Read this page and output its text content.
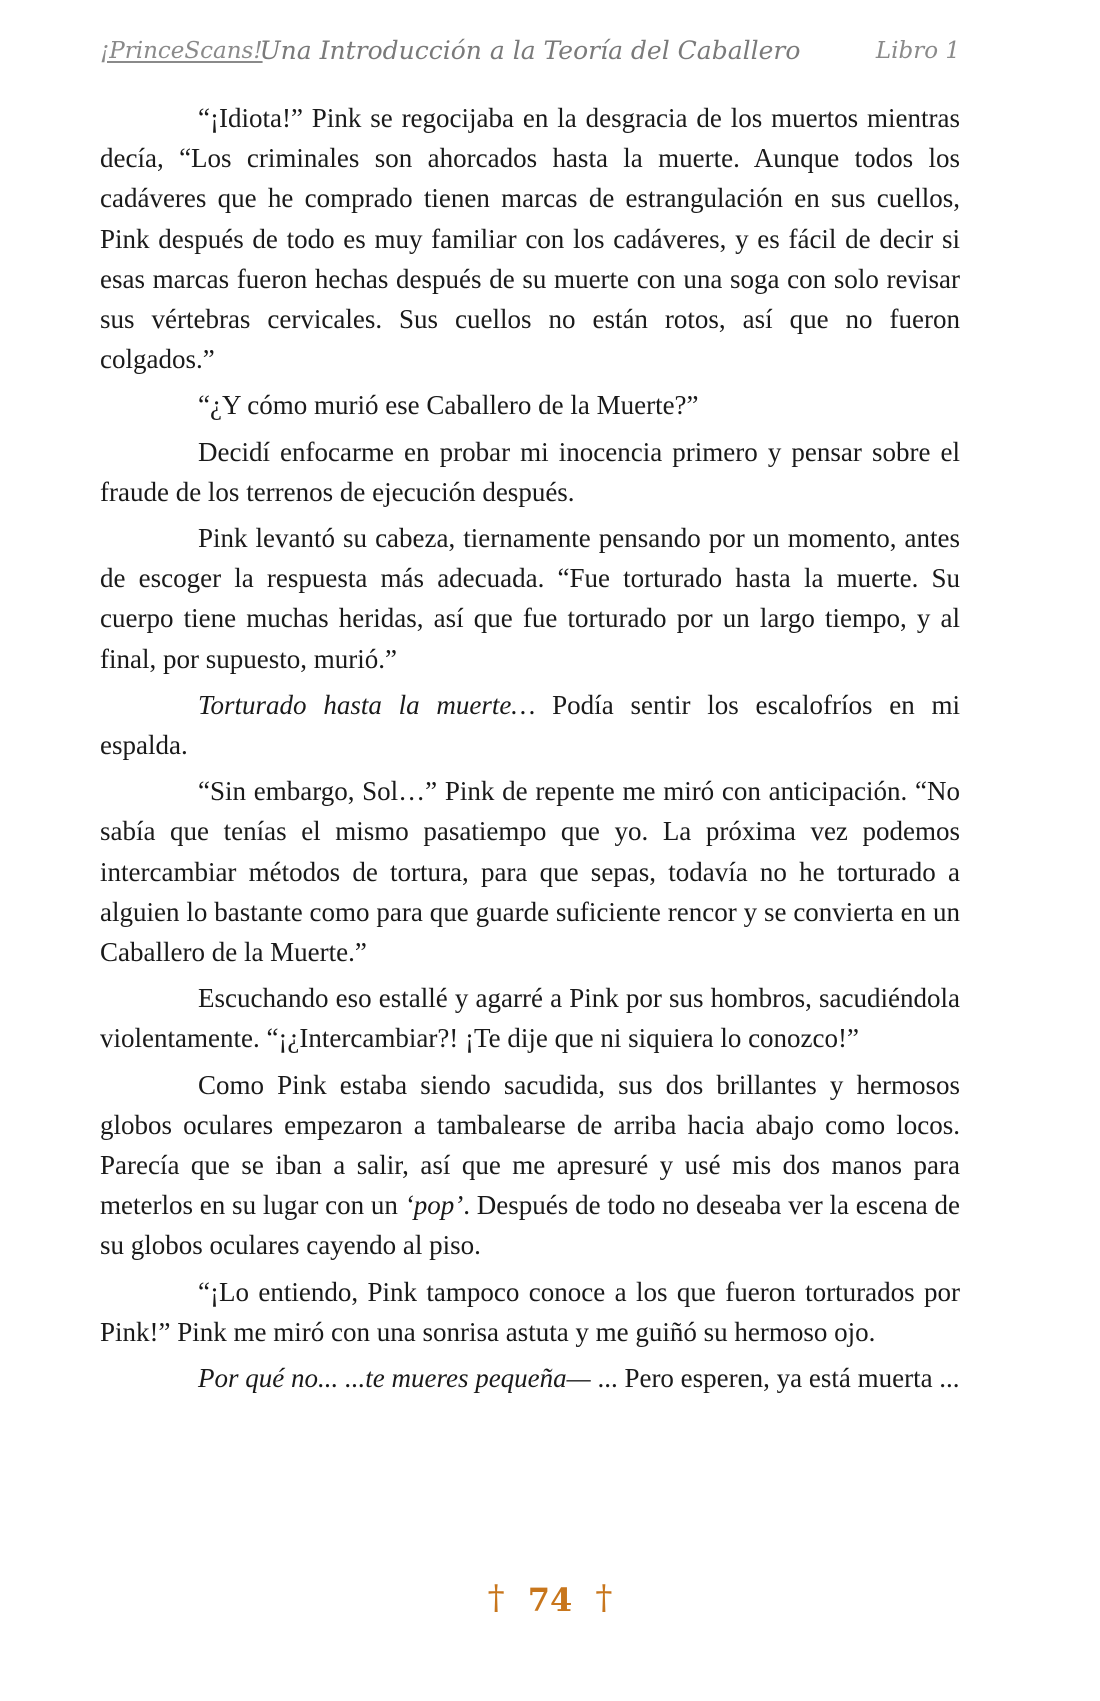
¡PrinceScans!
Una Introducción a la Teoría del Caballero	Libro 1

“¡Idiota!” Pink se regocijaba en la desgracia de los muertos mientras decía, “Los criminales son ahorcados hasta la muerte. Aunque todos los cadáveres que he comprado tienen marcas de estrangulación en sus cuellos, Pink después de todo es muy familiar con los cadáveres, y es fácil de decir si esas marcas fueron hechas después de su muerte con una soga con solo revisar sus vértebras cervicales. Sus cuellos no están rotos, así que no fueron colgados.”

“¿Y cómo murió ese Caballero de la Muerte?”

Decidí enfocarme en probar mi inocencia primero y pensar sobre el fraude de los terrenos de ejecución después.

Pink levantó su cabeza, tiernamente pensando por un momento, antes de escoger la respuesta más adecuada. “Fue torturado hasta la muerte. Su cuerpo tiene muchas heridas, así que fue torturado por un largo tiempo, y al final, por supuesto, murió.”

Torturado hasta la muerte… Podía sentir los escalofríos en mi espalda.

“Sin embargo, Sol…” Pink de repente me miró con anticipación. “No sabía que tenías el mismo pasatiempo que yo. La próxima vez podemos intercambiar métodos de tortura, para que sepas, todavía no he torturado a alguien lo bastante como para que guarde suficiente rencor y se convierta en un Caballero de la Muerte.”

Escuchando eso estallé y agarré a Pink por sus hombros, sacudiéndola violentamente. “¡¿Intercambiar?! ¡Te dije que ni siquiera lo conozco!”

Como Pink estaba siendo sacudida, sus dos brillantes y hermosos globos oculares empezaron a tambalearse de arriba hacia abajo como locos. Parecía que se iban a salir, así que me apresuré y usé mis dos manos para meterlos en su lugar con un ‘pop’. Después de todo no deseaba ver la escena de su globos oculares cayendo al piso.

“¡Lo entiendo, Pink tampoco conoce a los que fueron torturados por Pink!” Pink me miró con una sonrisa astuta y me guiñó su hermoso ojo.

Por qué no... ...te mueres pequeña— ... Pero esperen, ya está muerta ...

† 74 †
